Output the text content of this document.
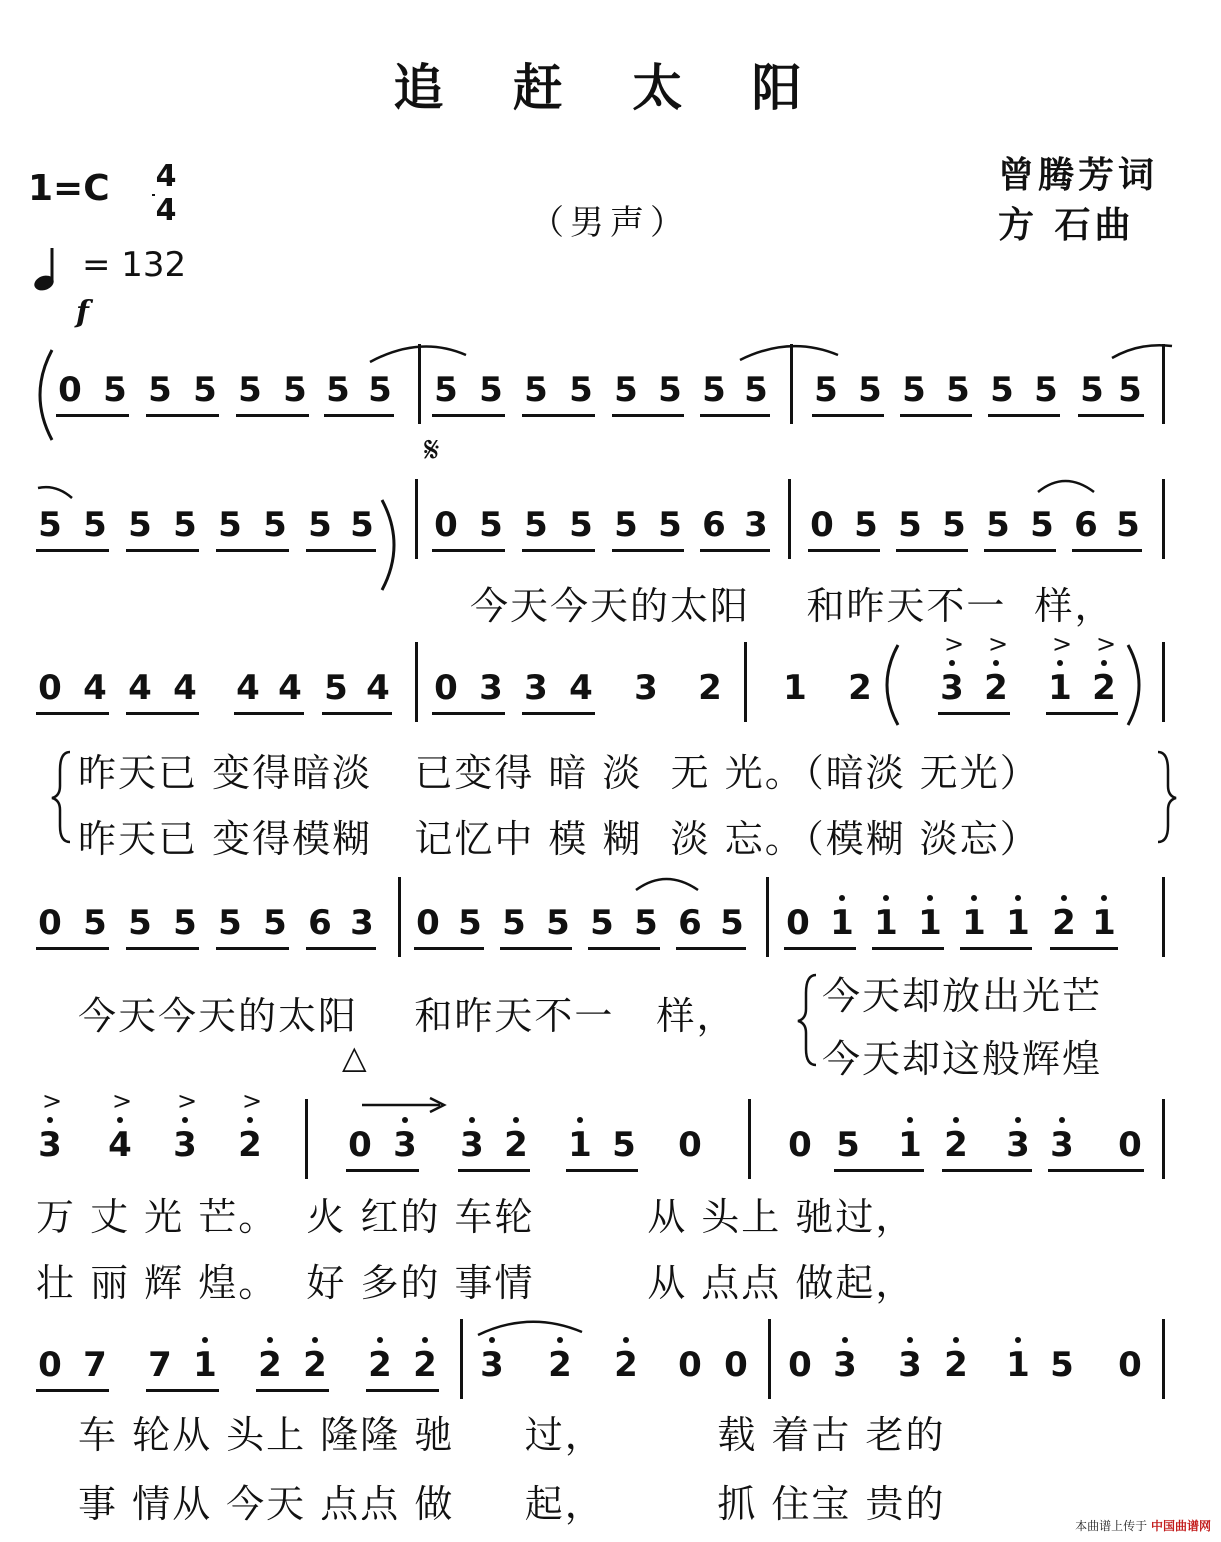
追 赶 太 阳
1=C 4
4
= 132
f
（男声）
曾腾芳词
方 石曲
0 5 5 5 5 5 5 5 5 5 5 5 5 5 5 5 5 5 5 5 5 5 5 5
5 5 5 5 5 5 5 5 0 5 5 5 5 5 6 3 0 5 5 5 5 5 6 5
今天今天的太阳    和昨天不一  样，
0 4 4 4 4 4 5 4 0 3 3 4 3 2 1 2 3
>
2
>
1
>
2
>
昨天已 变得暗淡   已变得 暗 淡  无 光。（暗淡 无光）
昨天已 变得模糊   记忆中 模 糊  淡 忘。（模糊 淡忘）
0 5 5 5 5 5 6 3 0 5 5 5 5 5 6 5 0 1 1 1 1 1 2 1
今天今天的太阳    和昨天不一   样， 今天却放出光芒
今天却这般辉煌
△
3
>
4
>
3
>
2
>
0 3 3 2 1 5 0	0 5 1 2 3 3 0
万 丈 光 芒。  火 红的 车轮        从 头上 驰过，
壮 丽 辉 煌。  好 多的 事情        从 点点 做起，
0 7 7 1 2 2 2 2 3 2 2 0 0 0 3 3 2 1 5 0
车 轮从 头上 隆隆 驰     过，        载 着古 老的
事 情从 今天 点点 做     起，        抓 住宝 贵的
𝄋
本曲谱上传于 中国曲谱网
